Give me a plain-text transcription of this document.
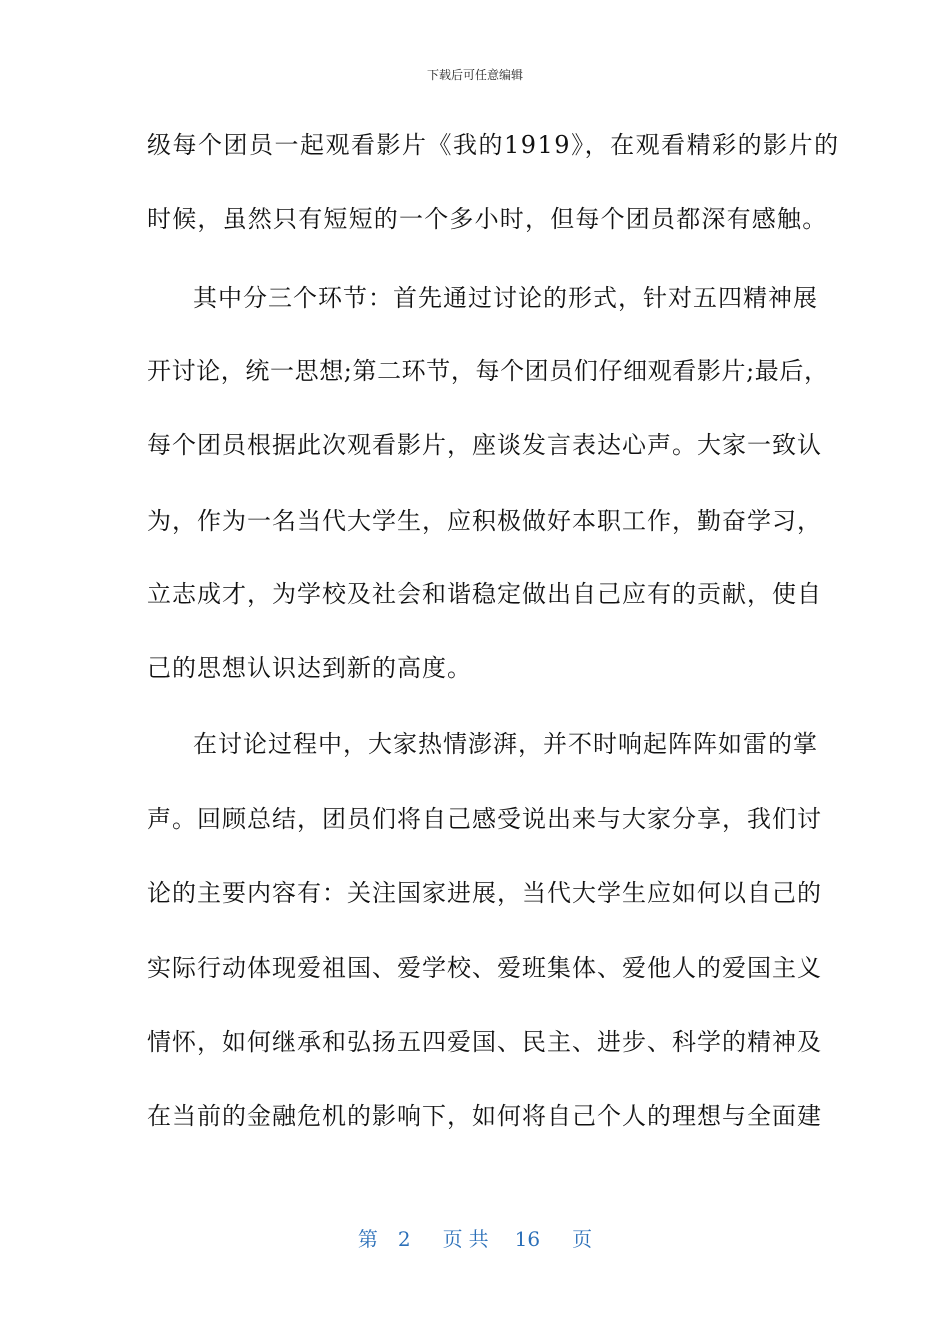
下载后可任意编辑
级每个团员一起观看影片《我的1919》，在观看精彩的影片的
时候，虽然只有短短的一个多小时，但每个团员都深有感触。
其中分三个环节：首先通过讨论的形式，针对五四精神展
开讨论，统一思想;第二环节，每个团员们仔细观看影片;最后，
每个团员根据此次观看影片，座谈发言表达心声。大家一致认
为，作为一名当代大学生，应积极做好本职工作，勤奋学习，
立志成才，为学校及社会和谐稳定做出自己应有的贡献，使自
己的思想认识达到新的高度。
在讨论过程中，大家热情澎湃，并不时响起阵阵如雷的掌
声。回顾总结，团员们将自己感受说出来与大家分享，我们讨
论的主要内容有：关注国家进展，当代大学生应如何以自己的
实际行动体现爱祖国、爱学校、爱班集体、爱他人的爱国主义
情怀，如何继承和弘扬五四爱国、民主、进步、科学的精神及
在当前的金融危机的影响下，如何将自己个人的理想与全面建
第 2 页共 16 页
